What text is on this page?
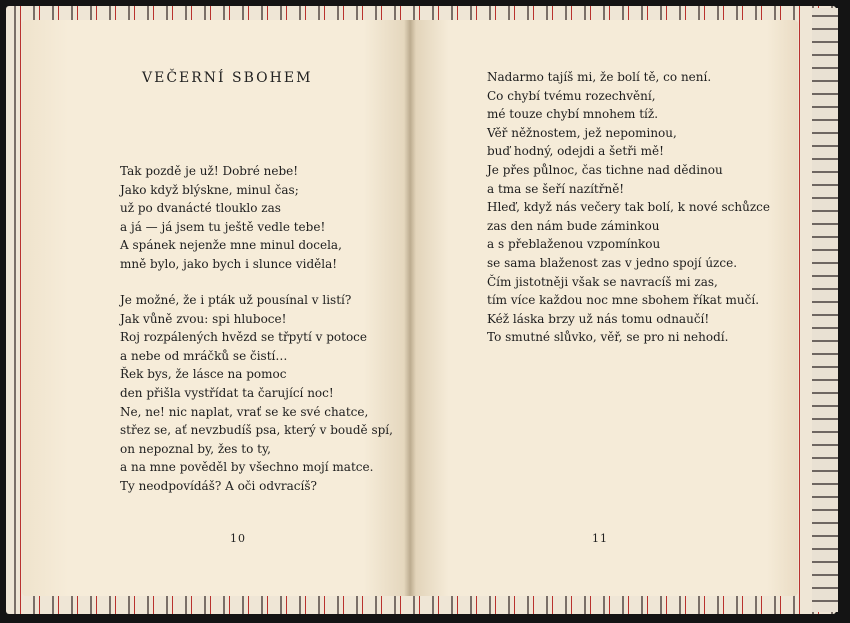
VEČERNÍ SBOHEM
Tak pozdě je už! Dobré nebe!
Jako když blýskne, minul čas;
už po dvanácté tlouklo zas
a já — já jsem tu ještě vedle tebe!
A spánek nejenže mne minul docela,
mně bylo, jako bych i slunce viděla!
Je možné, že i pták už pousínal v listí?
Jak vůně zvou: spi hluboce!
Roj rozpálených hvězd se třpytí v potoce
a nebe od mráčků se čistí…
Řek bys, že lásce na pomoc
den přišla vystřídat ta čarující noc!
Ne, ne! nic naplat, vrať se ke své chatce,
střez se, ať nevzbudíš psa, který v boudě spí,
on nepoznal by, žes to ty,
a na mne pověděl by všechno mojí matce.
Ty neodpovídáš? A oči odvracíš?
10
Nadarmo tajíš mi, že bolí tě, co není.
Co chybí tvému rozechvění,
mé touze chybí mnohem tíž.
Věř něžnostem, jež nepominou,
buď hodný, odejdi a šetři mě!
Je přes půlnoc, čas tichne nad dědinou
a tma se šeří nazítřně!
Hleď, když nás večery tak bolí, k nové schůzce
zas den nám bude záminkou
a s přeblaženou vzpomínkou
se sama blaženost zas v jedno spojí úzce.
Čím jistotněji však se navracíš mi zas,
tím více každou noc mne sbohem říkat mučí.
Kéž láska brzy už nás tomu odnaučí!
To smutné slůvko, věř, se pro ni nehodí.
11
